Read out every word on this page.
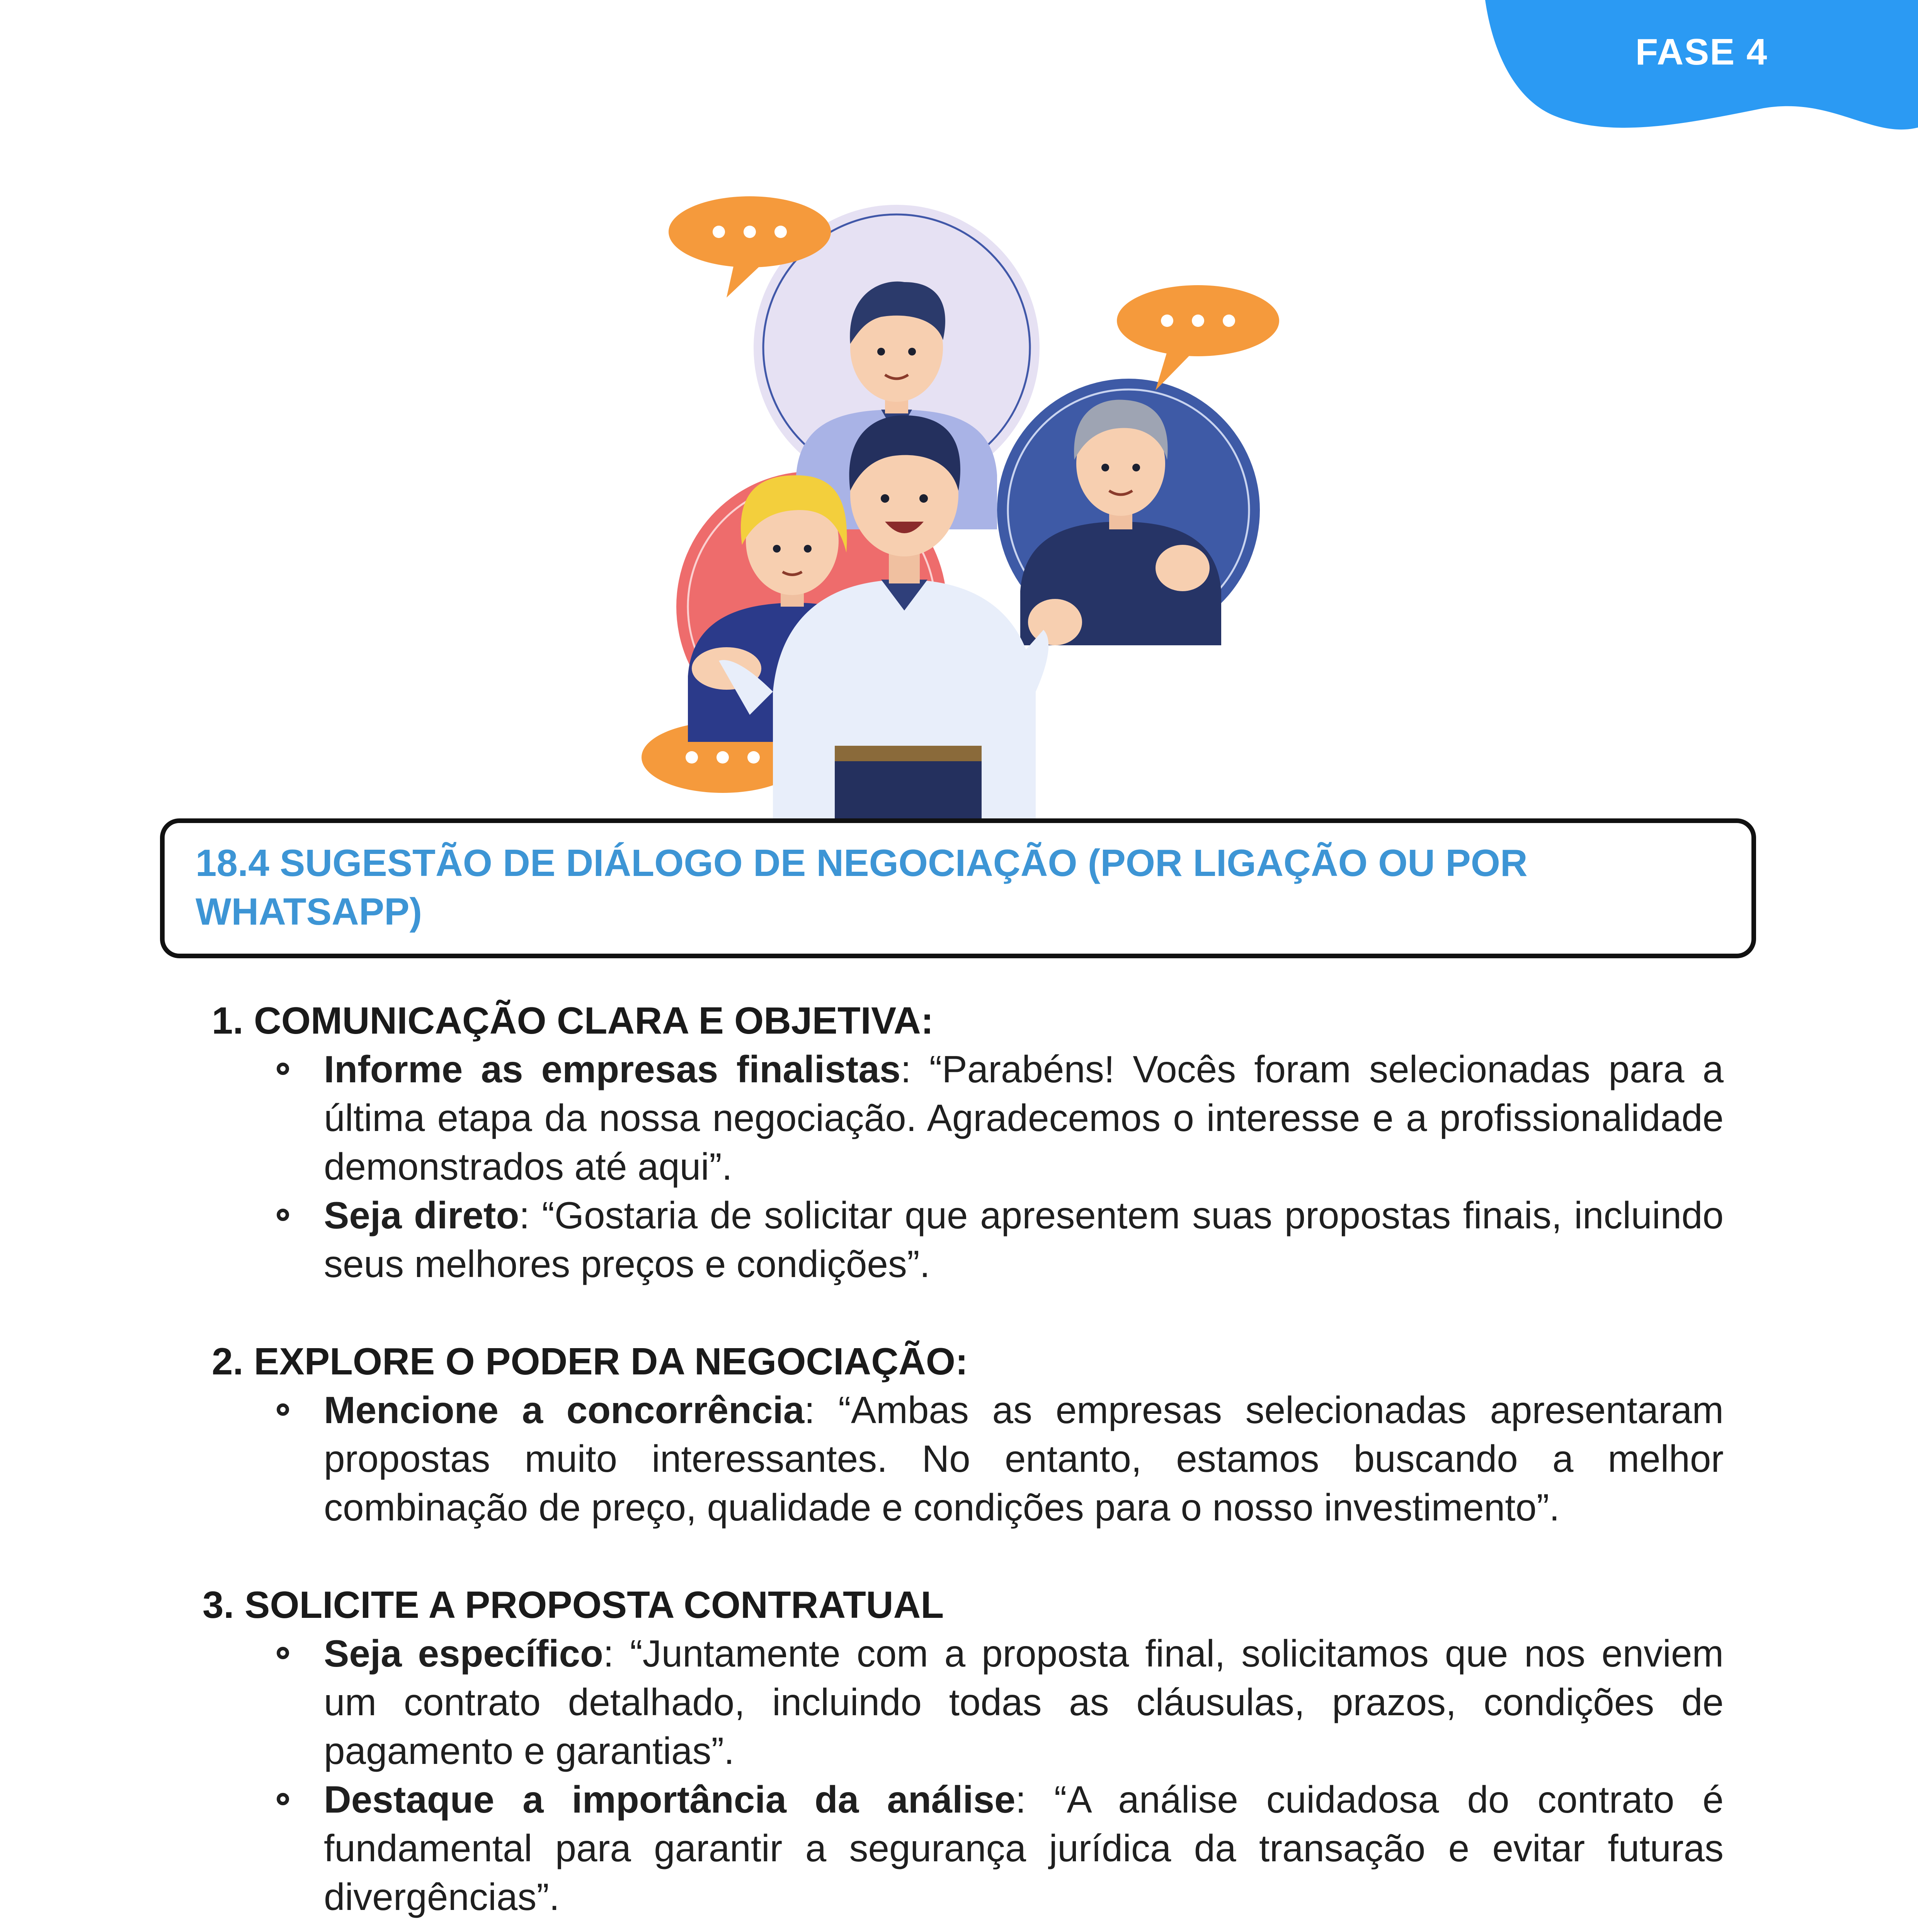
FASE 4
18.4 SUGESTÃO DE DIÁLOGO DE NEGOCIAÇÃO (POR LIGAÇÃO OU POR WHATSAPP)
1. COMUNICAÇÃO CLARA E OBJETIVA:
Informe as empresas finalistas: “Parabéns! Vocês foram selecionadas para a última etapa da nossa negociação. Agradecemos o interesse e a profissionalidade demonstrados até aqui”.
Seja direto: “Gostaria de solicitar que apresentem suas propostas finais, incluindo seus melhores preços e condições”.
2. EXPLORE O PODER DA NEGOCIAÇÃO:
Mencione a concorrência: “Ambas as empresas selecionadas apresentaram propostas muito interessantes. No entanto, estamos buscando a melhor combinação de preço, qualidade e condições para o nosso investimento”.
3. SOLICITE A PROPOSTA CONTRATUAL
Seja específico: “Juntamente com a proposta final, solicitamos que nos enviem um contrato detalhado, incluindo todas as cláusulas, prazos, condições de pagamento e garantias”.
Destaque a importância da análise: “A análise cuidadosa do contrato é fundamental para garantir a segurança jurídica da transação e evitar futuras divergências”.
